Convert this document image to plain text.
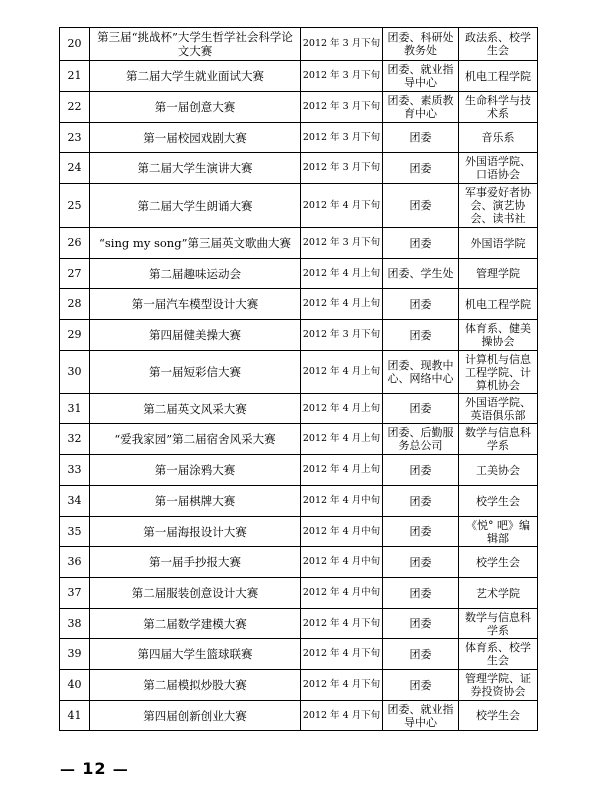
20	第三届“挑战杯”大学生哲学社会科学论文大赛	2012 年 3 月下旬	团委、科研处教务处	政法系、校学生会
21	第二届大学生就业面试大赛	2012 年 3 月下旬	团委、就业指导中心	机电工程学院
22	第一届创意大赛	2012 年 3 月下旬	团委、素质教育中心	生命科学与技术系
23	第一届校园戏剧大赛	2012 年 3 月下旬	团委	音乐系
24	第二届大学生演讲大赛	2012 年 3 月下旬	团委	外国语学院、口语协会
25	第二届大学生朗诵大赛	2012 年 4 月下旬	团委	军事爱好者协会、演艺协会、读书社
26	“sing my song”第三届英文歌曲大赛	2012 年 3 月下旬	团委	外国语学院
27	第二届趣味运动会	2012 年 4 月上旬	团委、学生处	管理学院
28	第一届汽车模型设计大赛	2012 年 4 月上旬	团委	机电工程学院
29	第四届健美操大赛	2012 年 3 月下旬	团委	体育系、健美操协会
30	第一届短彩信大赛	2012 年 4 月上旬	团委、现教中心、网络中心	计算机与信息工程学院、计算机协会
31	第二届英文风采大赛	2012 年 4 月上旬	团委	外国语学院、英语俱乐部
32	“爱我家园”第二届宿舍风采大赛	2012 年 4 月上旬	团委、后勤服务总公司	数学与信息科学系
33	第一届涂鸦大赛	2012 年 4 月上旬	团委	工美协会
34	第一届棋牌大赛	2012 年 4 月中旬	团委	校学生会
35	第一届海报设计大赛	2012 年 4 月中旬	团委	《悦° 吧》编辑部
36	第一届手抄报大赛	2012 年 4 月中旬	团委	校学生会
37	第二届服装创意设计大赛	2012 年 4 月中旬	团委	艺术学院
38	第二届数学建模大赛	2012 年 4 月下旬	团委	数学与信息科学系
39	第四届大学生篮球联赛	2012 年 4 月下旬	团委	体育系、校学生会
40	第二届模拟炒股大赛	2012 年 4 月下旬	团委	管理学院、证券投资协会
41	第四届创新创业大赛	2012 年 4 月下旬	团委、就业指导中心	校学生会
— 12 —
